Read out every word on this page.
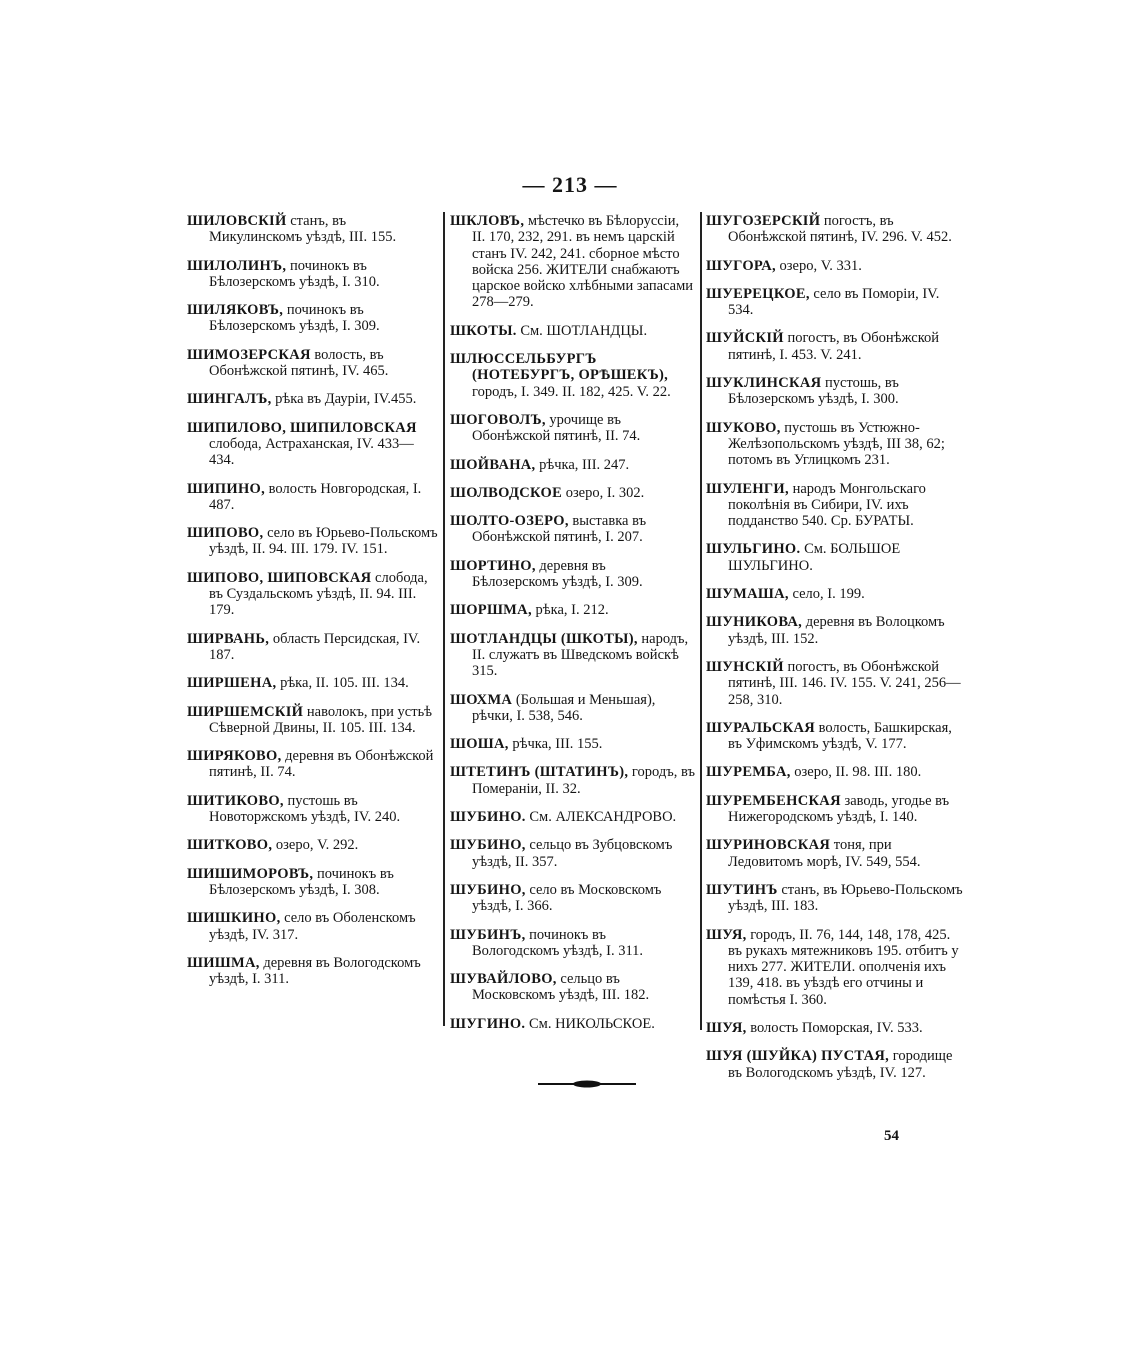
— 213 —

ШИЛОВСКІЙ станъ, въ Микулинскомъ уѣздѣ, III. 155.

ШИЛОЛИНЪ, починокъ въ Бѣлозерскомъ уѣздѣ, I. 310.

ШИЛЯКОВЪ, починокъ въ Бѣлозерскомъ уѣздѣ, I. 309.

ШИМОЗЕРСКАЯ волость, въ Обонѣжской пятинѣ, IV. 465.

ШИНГАЛЪ, рѣка въ Дауріи, IV.455.

ШИПИЛОВО, ШИПИЛОВСКАЯ слобода, Астраханская, IV. 433—434.

ШИПИНО, волость Новгородская, I. 487.

ШИПОВО, село въ Юрьево-Польскомъ уѣздѣ, II. 94. III. 179. IV. 151.

ШИПОВО, ШИПОВСКАЯ слобода, въ Суздальскомъ уѣздѣ, II. 94. III. 179.

ШИРВАНЬ, область Персидская, IV. 187.

ШИРШЕНА, рѣка, II. 105. III. 134.

ШИРШЕМСКІЙ наволокъ, при устьѣ Сѣверной Двины, II. 105. III. 134.

ШИРЯКОВО, деревня въ Обонѣжской пятинѣ, II. 74.

ШИТИКОВО, пустошь въ Новоторжскомъ уѣздѣ, IV. 240.

ШИТКОВО, озеро, V. 292.

ШИШИМОРОВЪ, починокъ въ Бѣлозерскомъ уѣздѣ, I. 308.

ШИШКИНО, село въ Оболенскомъ уѣздѣ, IV. 317.

ШИШМА, деревня въ Вологодскомъ уѣздѣ, I. 311.

ШКЛОВЪ, мѣстечко въ Бѣлоруссіи, II. 170, 232, 291. въ немъ царскій станъ IV. 242, 241. сборное мѣсто войска 256. ЖИТЕЛИ снабжаютъ царское войско хлѣбными запасами 278—279.

ШКОТЫ. См. ШОТЛАНДЦЫ.

ШЛЮССЕЛЬБУРГЪ (НОТЕБУРГЪ, ОРѢШЕКЪ), городъ, I. 349. II. 182, 425. V. 22.

ШОГОВОЛЪ, урочище въ Обонѣжской пятинѣ, II. 74.

ШОЙВАНА, рѣчка, III. 247.

ШОЛВОДСКОЕ озеро, I. 302.

ШОЛТО-ОЗЕРО, выставка въ Обонѣжской пятинѣ, I. 207.

ШОРТИНО, деревня въ Бѣлозерскомъ уѣздѣ, I. 309.

ШОРШМА, рѣка, I. 212.

ШОТЛАНДЦЫ (ШКОТЫ), народъ, II. служатъ въ Шведскомъ войскѣ 315.

ШОХМА (Большая и Меньшая), рѣчки, I. 538, 546.

ШОША, рѣчка, III. 155.

ШТЕТИНЪ (ШТАТИНЪ), городъ, въ Помераніи, II. 32.

ШУБИНО. См. АЛЕКСАНДРОВО.

ШУБИНО, сельцо въ Зубцовскомъ уѣздѣ, II. 357.

ШУБИНО, село въ Московскомъ уѣздѣ, I. 366.

ШУБИНЪ, починокъ въ Вологодскомъ уѣздѣ, I. 311.

ШУВАЙЛОВО, сельцо въ Московскомъ уѣздѣ, III. 182.

ШУГИНО. См. НИКОЛЬСКОЕ.

ШУГОЗЕРСКІЙ погостъ, въ Обонѣжской пятинѣ, IV. 296. V. 452.

ШУГОРА, озеро, V. 331.

ШУЕРЕЦКОЕ, село въ Поморіи, IV. 534.

ШУЙСКІЙ погостъ, въ Обонѣжской пятинѣ, I. 453. V. 241.

ШУКЛИНСКАЯ пустошь, въ Бѣлозерскомъ уѣздѣ, I. 300.

ШУКОВО, пустошь въ Устюжно-Желѣзопольскомъ уѣздѣ, III 38, 62; потомъ въ Углицкомъ 231.

ШУЛЕНГИ, народъ Монгольскаго поколѣнія въ Сибири, IV. ихъ подданство 540. Ср. БУРАТЫ.

ШУЛЬГИНО. См. БОЛЬШОЕ ШУЛЬГИНО.

ШУМАША, село, I. 199.

ШУНИКОВА, деревня въ Волоцкомъ уѣздѣ, III. 152.

ШУНСКІЙ погостъ, въ Обонѣжской пятинѣ, III. 146. IV. 155. V. 241, 256—258, 310.

ШУРАЛЬСКАЯ волость, Башкирская, въ Уфимскомъ уѣздѣ, V. 177.

ШУРЕМБА, озеро, II. 98. III. 180.

ШУРЕМБЕНСКАЯ заводь, угодье въ Нижегородскомъ уѣздѣ, I. 140.

ШУРИНОВСКАЯ тоня, при Ледовитомъ морѣ, IV. 549, 554.

ШУТИНЪ станъ, въ Юрьево-Польскомъ уѣздѣ, III. 183.

ШУЯ, городъ, II. 76, 144, 148, 178, 425. въ рукахъ мятежниковъ 195. отбитъ у нихъ 277. ЖИТЕЛИ. ополченія ихъ 139, 418. въ уѣздѣ его отчины и помѣстья I. 360.

ШУЯ, волость Поморская, IV. 533.

ШУЯ (ШУЙКА) ПУСТАЯ, городище въ Вологодскомъ уѣздѣ, IV. 127.

54
